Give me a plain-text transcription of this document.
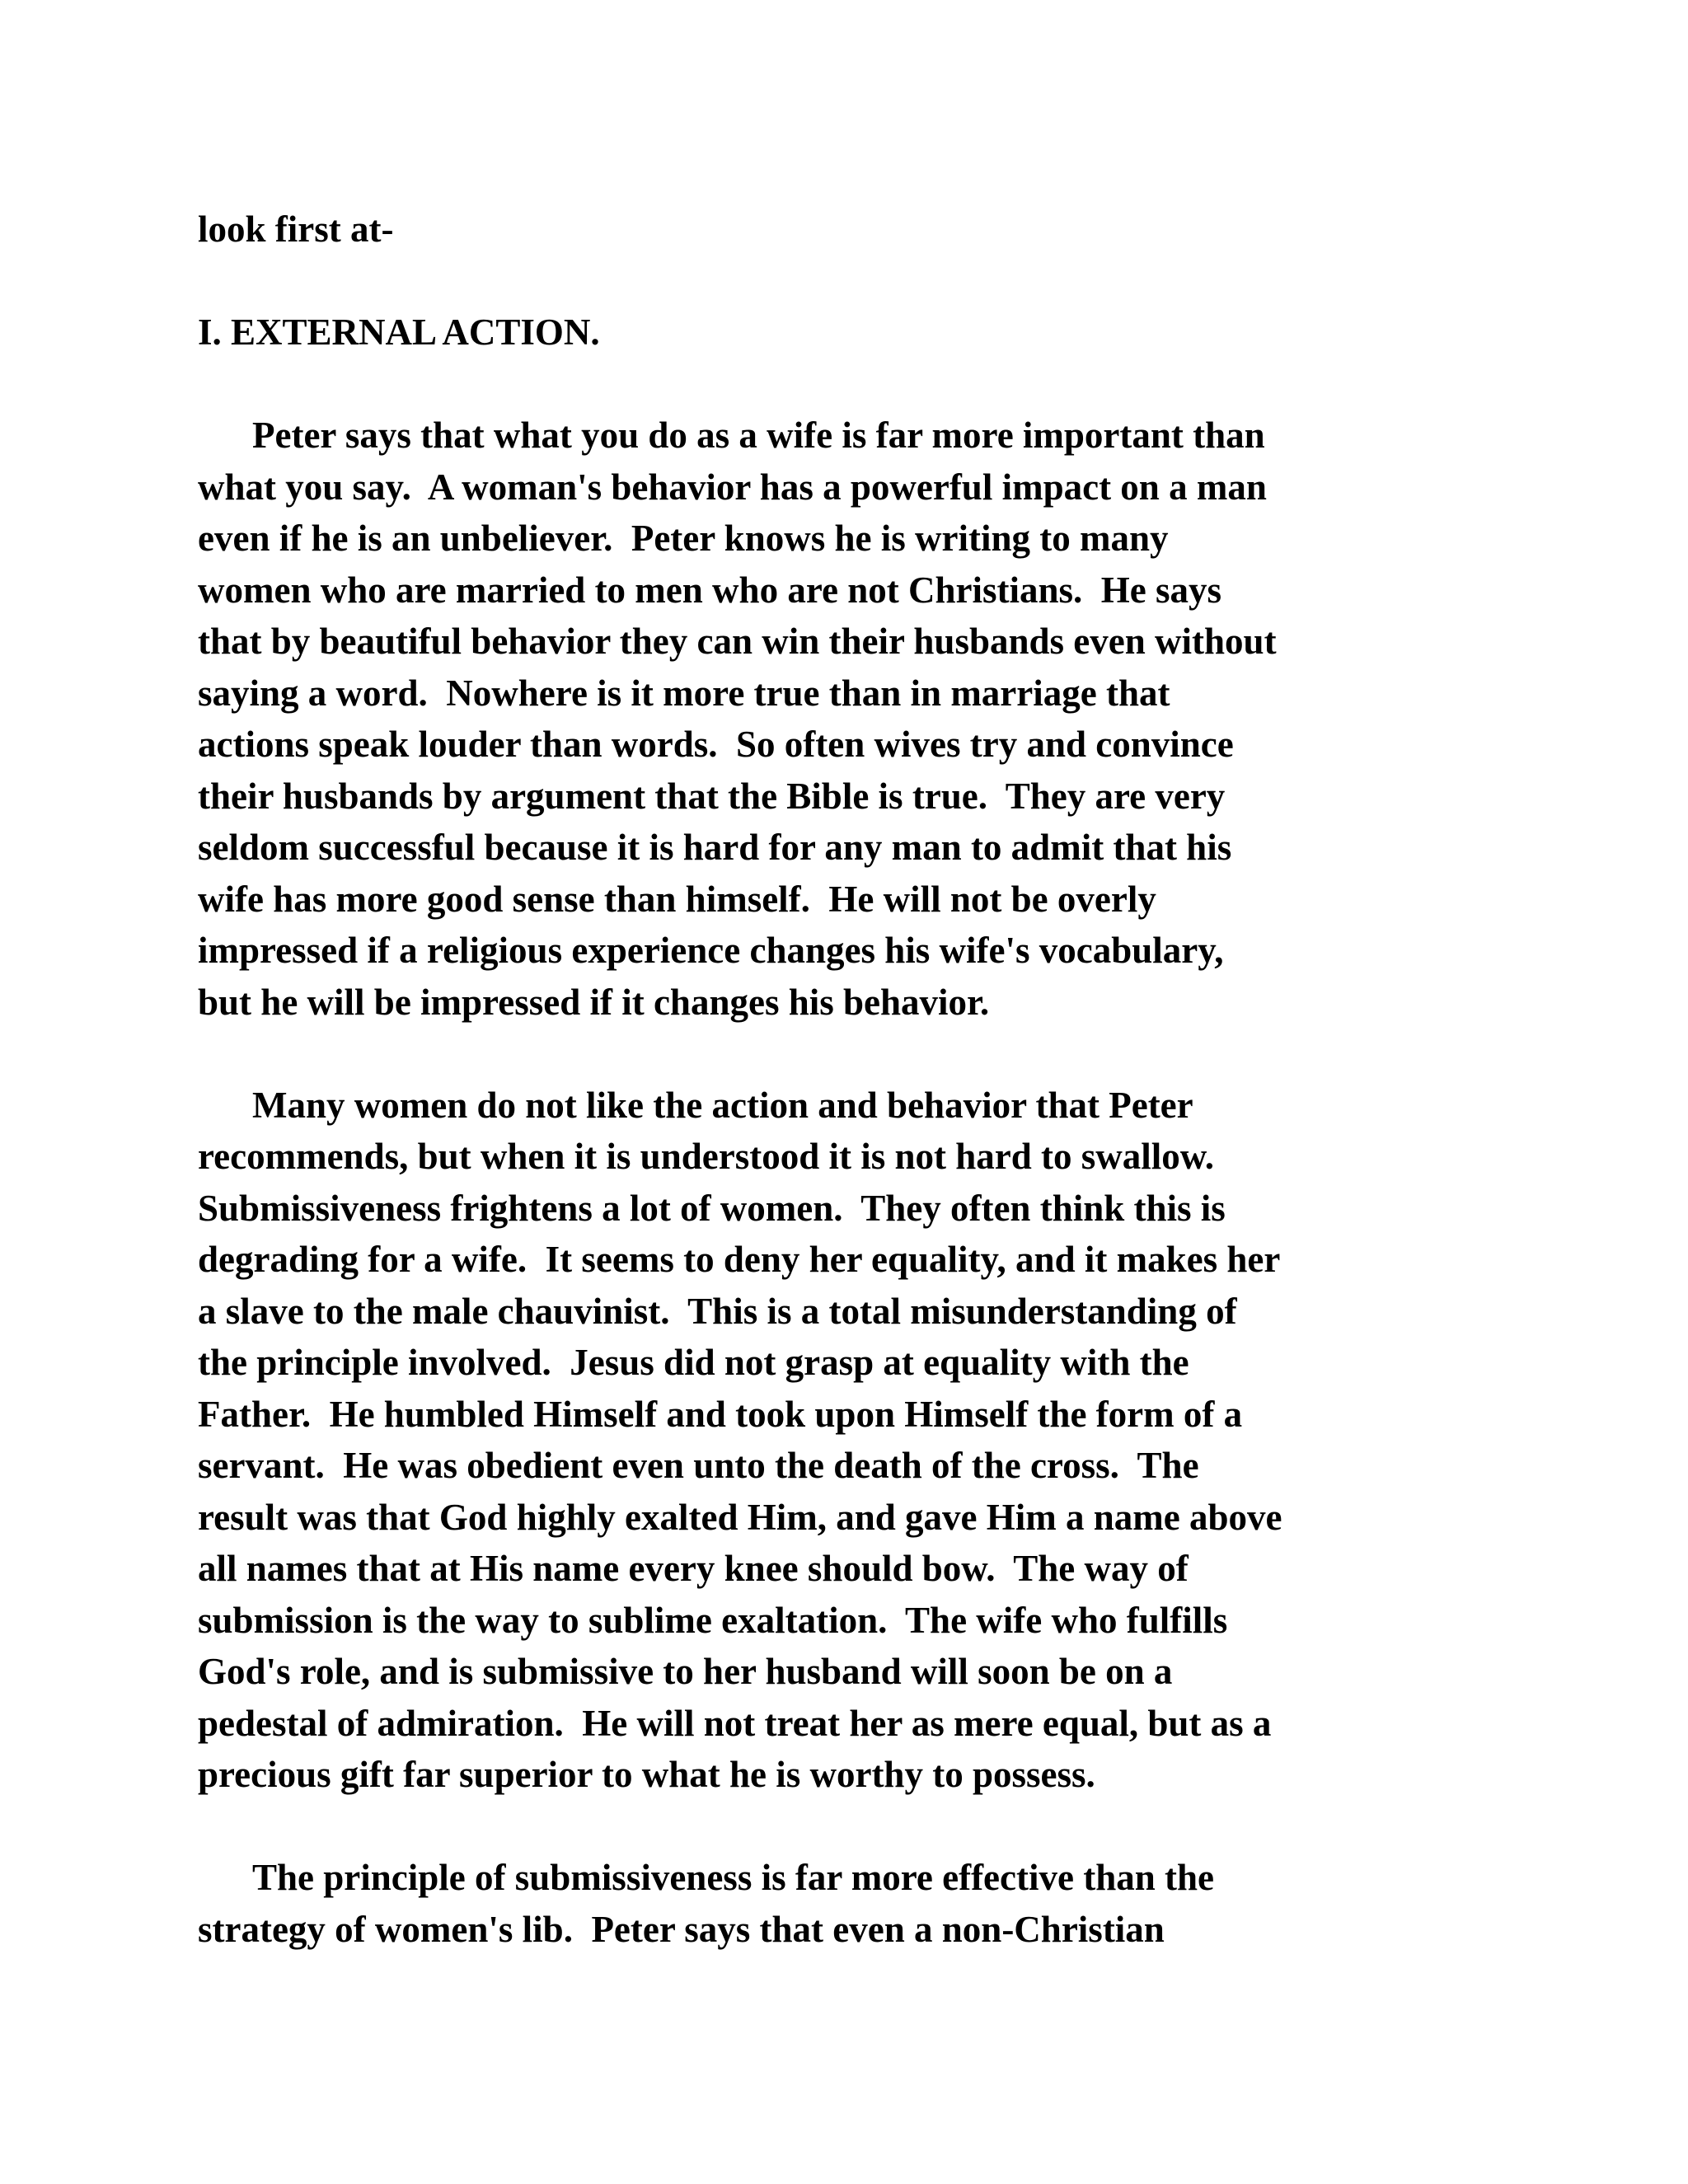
look first at-
I. EXTERNAL ACTION.
Peter says that what you do as a wife is far more important than
what you say.  A woman's behavior has a powerful impact on a man
even if he is an unbeliever.  Peter knows he is writing to many
women who are married to men who are not Christians.  He says
that by beautiful behavior they can win their husbands even without
saying a word.  Nowhere is it more true than in marriage that
actions speak louder than words.  So often wives try and convince
their husbands by argument that the Bible is true.  They are very
seldom successful because it is hard for any man to admit that his
wife has more good sense than himself.  He will not be overly
impressed if a religious experience changes his wife's vocabulary,
but he will be impressed if it changes his behavior.
Many women do not like the action and behavior that Peter
recommends, but when it is understood it is not hard to swallow.
Submissiveness frightens a lot of women.  They often think this is
degrading for a wife.  It seems to deny her equality, and it makes her
a slave to the male chauvinist.  This is a total misunderstanding of
the principle involved.  Jesus did not grasp at equality with the
Father.  He humbled Himself and took upon Himself the form of a
servant.  He was obedient even unto the death of the cross.  The
result was that God highly exalted Him, and gave Him a name above
all names that at His name every knee should bow.  The way of
submission is the way to sublime exaltation.  The wife who fulfills
God's role, and is submissive to her husband will soon be on a
pedestal of admiration.  He will not treat her as mere equal, but as a
precious gift far superior to what he is worthy to possess.
The principle of submissiveness is far more effective than the
strategy of women's lib.  Peter says that even a non-Christian
